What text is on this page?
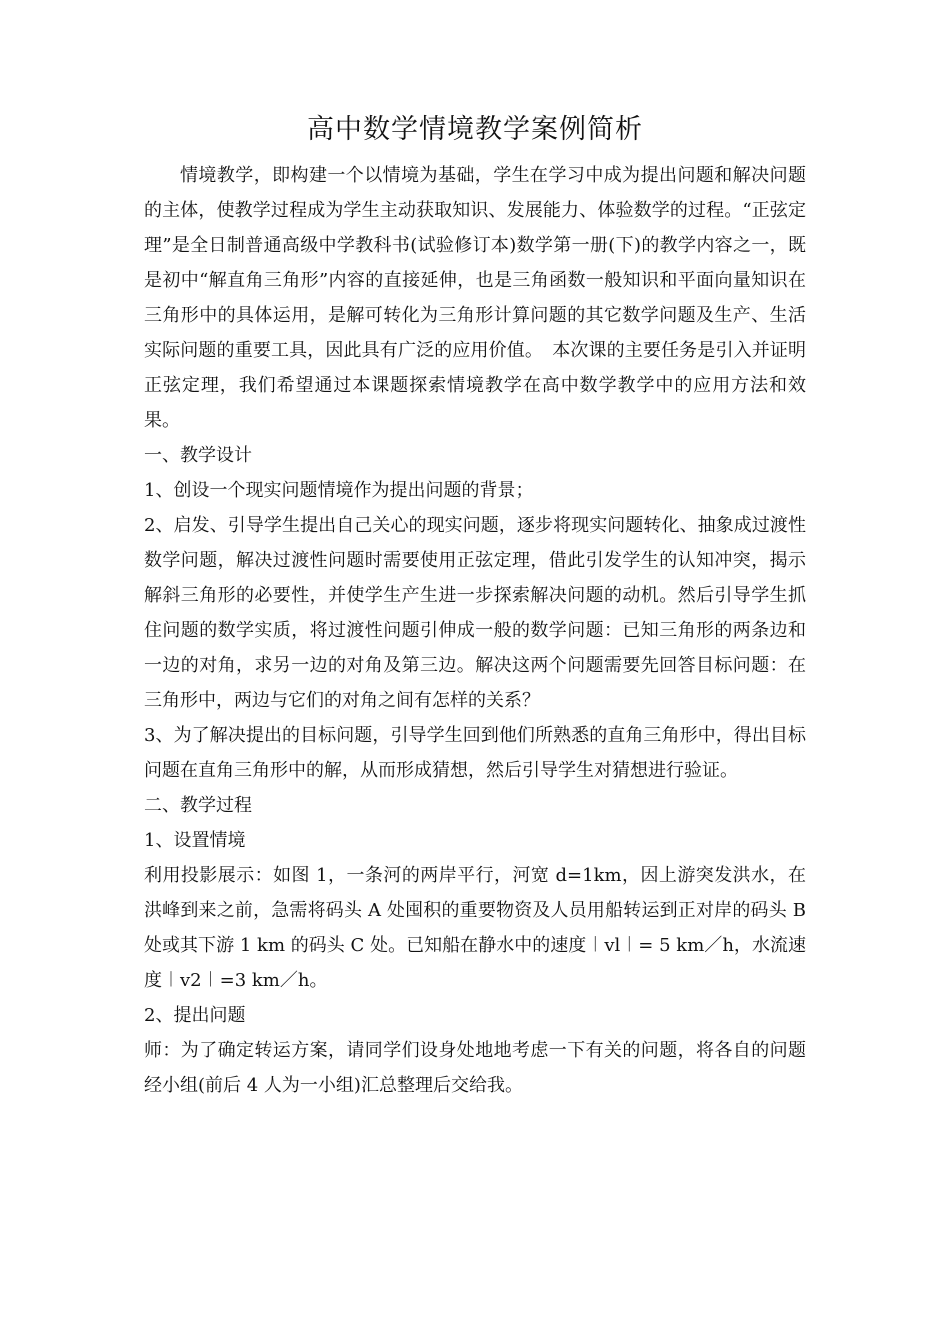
高中数学情境教学案例简析

情境教学，即构建一个以情境为基础，学生在学习中成为提出问题和解决问题的主体，使教学过程成为学生主动获取知识、发展能力、体验数学的过程。“正弦定理”是全日制普通高级中学教科书(试验修订本)数学第一册(下)的教学内容之一，既是初中“解直角三角形”内容的直接延伸，也是三角函数一般知识和平面向量知识在三角形中的具体运用，是解可转化为三角形计算问题的其它数学问题及生产、生活实际问题的重要工具，因此具有广泛的应用价值。　本次课的主要任务是引入并证明正弦定理，我们希望通过本课题探索情境教学在高中数学教学中的应用方法和效果。

一、教学设计

1、创设一个现实问题情境作为提出问题的背景；

2、启发、引导学生提出自己关心的现实问题，逐步将现实问题转化、抽象成过渡性数学问题，解决过渡性问题时需要使用正弦定理，借此引发学生的认知冲突，揭示解斜三角形的必要性，并使学生产生进一步探索解决问题的动机。然后引导学生抓住问题的数学实质，将过渡性问题引伸成一般的数学问题：已知三角形的两条边和一边的对角，求另一边的对角及第三边。解决这两个问题需要先回答目标问题：在三角形中，两边与它们的对角之间有怎样的关系？

3、为了解决提出的目标问题，引导学生回到他们所熟悉的直角三角形中，得出目标问题在直角三角形中的解，从而形成猜想，然后引导学生对猜想进行验证。

二、教学过程

1、设置情境

利用投影展示：如图 1，一条河的两岸平行，河宽 d=1km，因上游突发洪水，在洪峰到来之前，急需将码头 A 处囤积的重要物资及人员用船转运到正对岸的码头 B 处或其下游 1 km 的码头 C 处。已知船在静水中的速度︱vl︱= 5 km／h，水流速度︱v2︱=3 km／h。

2、提出问题

师：为了确定转运方案，请同学们设身处地地考虑一下有关的问题，将各自的问题经小组(前后 4 人为一小组)汇总整理后交给我。
